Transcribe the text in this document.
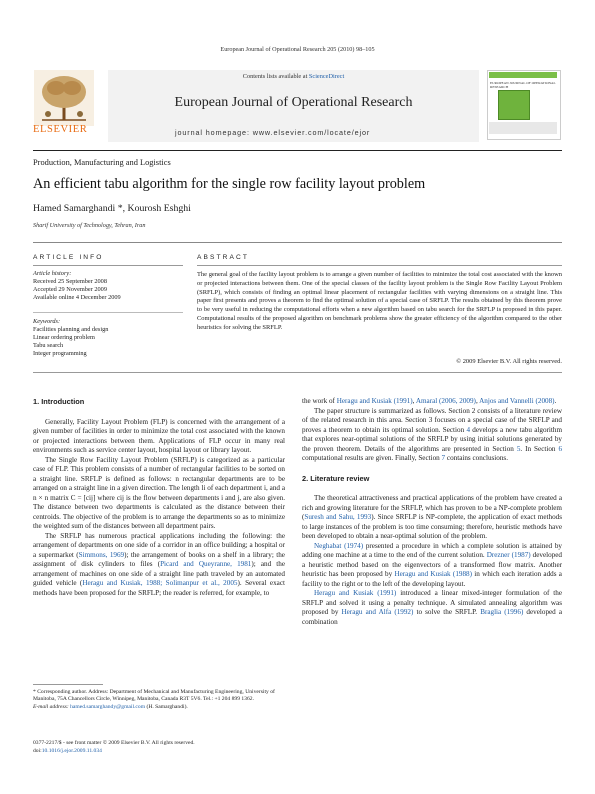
European Journal of Operational Research 205 (2010) 98–105
Contents lists available at ScienceDirect
European Journal of Operational Research
journal homepage: www.elsevier.com/locate/ejor
ELSEVIER
EUROPEAN JOURNAL OF OPERATIONAL RESEARCH
Production, Manufacturing and Logistics
An efficient tabu algorithm for the single row facility layout problem
Hamed Samarghandi *, Kourosh Eshghi
Sharif University of Technology, Tehran, Iran
ARTICLE INFO	ABSTRACT
Article history:
Received 25 September 2008
Accepted 29 November 2009
Available online 4 December 2009
Keywords:
Facilities planning and design
Linear ordering problem
Tabu search
Integer programming
The general goal of the facility layout problem is to arrange a given number of facilities to minimize the total cost associated with the known or projected interactions between them. One of the special classes of the facility layout problem is the Single Row Facility Layout Problem (SRFLP), which consists of finding an optimal linear placement of rectangular facilities with varying dimensions on a straight line. This paper first presents and proves a theorem to find the optimal solution of a special case of SRFLP. The results obtained by this theorem prove to be very useful in reducing the computational efforts when a new algorithm based on tabu search for the SRFLP is proposed in this paper. Computational results of the proposed algorithm on benchmark problems show the greater efficiency of the algorithm compared to the other heuristics for solving the SRFLP.
© 2009 Elsevier B.V. All rights reserved.
1. Introduction

Generally, Facility Layout Problem (FLP) is concerned with the arrangement of a given number of facilities in order to minimize the total cost associated with the known or projected interactions between them. Applications of FLP occur in many real environments such as service center layout, hospital layout or library layout.

The Single Row Facility Layout Problem (SRFLP) is categorized as a particular case of FLP. This problem consists of a number of rectangular facilities to be sorted on a straight line. SRFLP is defined as follows: n rectangular departments are to be arranged on a straight line in a given direction. The length li of each department i, and a n × n matrix C = [cij] where cij is the flow between departments i and j, are also given. The distance between two departments is calculated as the distance between their centroids. The objective of the problem is to arrange the departments so as to minimize the weighted sum of the distances between all department pairs.

The SRFLP has numerous practical applications including the following: the arrangement of departments on one side of a corridor in an office building; a hospital or a supermarket (Simmons, 1969); the arrangement of books on a shelf in a library; the assignment of disk cylinders to files (Picard and Queyranne, 1981); and the arrangement of machines on one side of a straight line path traveled by an automated guided vehicle (Heragu and Kusiak, 1988; Solimanpur et al., 2005). Several exact methods have been proposed for the SRFLP; the reader is referred, for example, to

* Corresponding author. Address: Department of Mechanical and Manufacturing Engineering, University of Manitoba, 75A Chancellors Circle, Winnipeg, Manitoba, Canada R3T 5V6. Tel.: +1 204 899 1362.
E-mail address: hamed.samarghandy@gmail.com (H. Samarghandi).
0377-2217/$ - see front matter © 2009 Elsevier B.V. All rights reserved.
doi:10.1016/j.ejor.2009.11.034

the work of Heragu and Kusiak (1991), Amaral (2006, 2009), Anjos and Vannelli (2008).

The paper structure is summarized as follows. Section 2 consists of a literature review of the related research in this area. Section 3 focuses on a special case of the SRFLP and proves a theorem to obtain its optimal solution. Section 4 develops a new tabu algorithm that explores near-optimal solutions of the SRFLP by using initial solutions generated by the proven theorem. Details of the algorithms are presented in Section 5. In Section 6 computational results are given. Finally, Section 7 contains conclusions.

2. Literature review

The theoretical attractiveness and practical applications of the problem have created a rich and growing literature for the SRFLP, which has proven to be a NP-complete problem (Suresh and Sahu, 1993). Since SRFLP is NP-complete, the application of exact methods to large instances of the problem is too time consuming; therefore, heuristic methods have been developed to obtain a near-optimal solution of the problem.

Neghabat (1974) presented a procedure in which a complete solution is attained by adding one machine at a time to the end of the current solution. Drezner (1987) developed a heuristic method based on the eigenvectors of a transformed flow matrix. Another heuristic has been proposed by Heragu and Kusiak (1988) in which each iteration adds a facility to the right or to the left of the developing layout.

Heragu and Kusiak (1991) introduced a linear mixed-integer formulation of the SRFLP and solved it using a penalty technique. A simulated annealing algorithm was proposed by Heragu and Alfa (1992) to solve the SRFLP. Braglia (1996) developed a combination
